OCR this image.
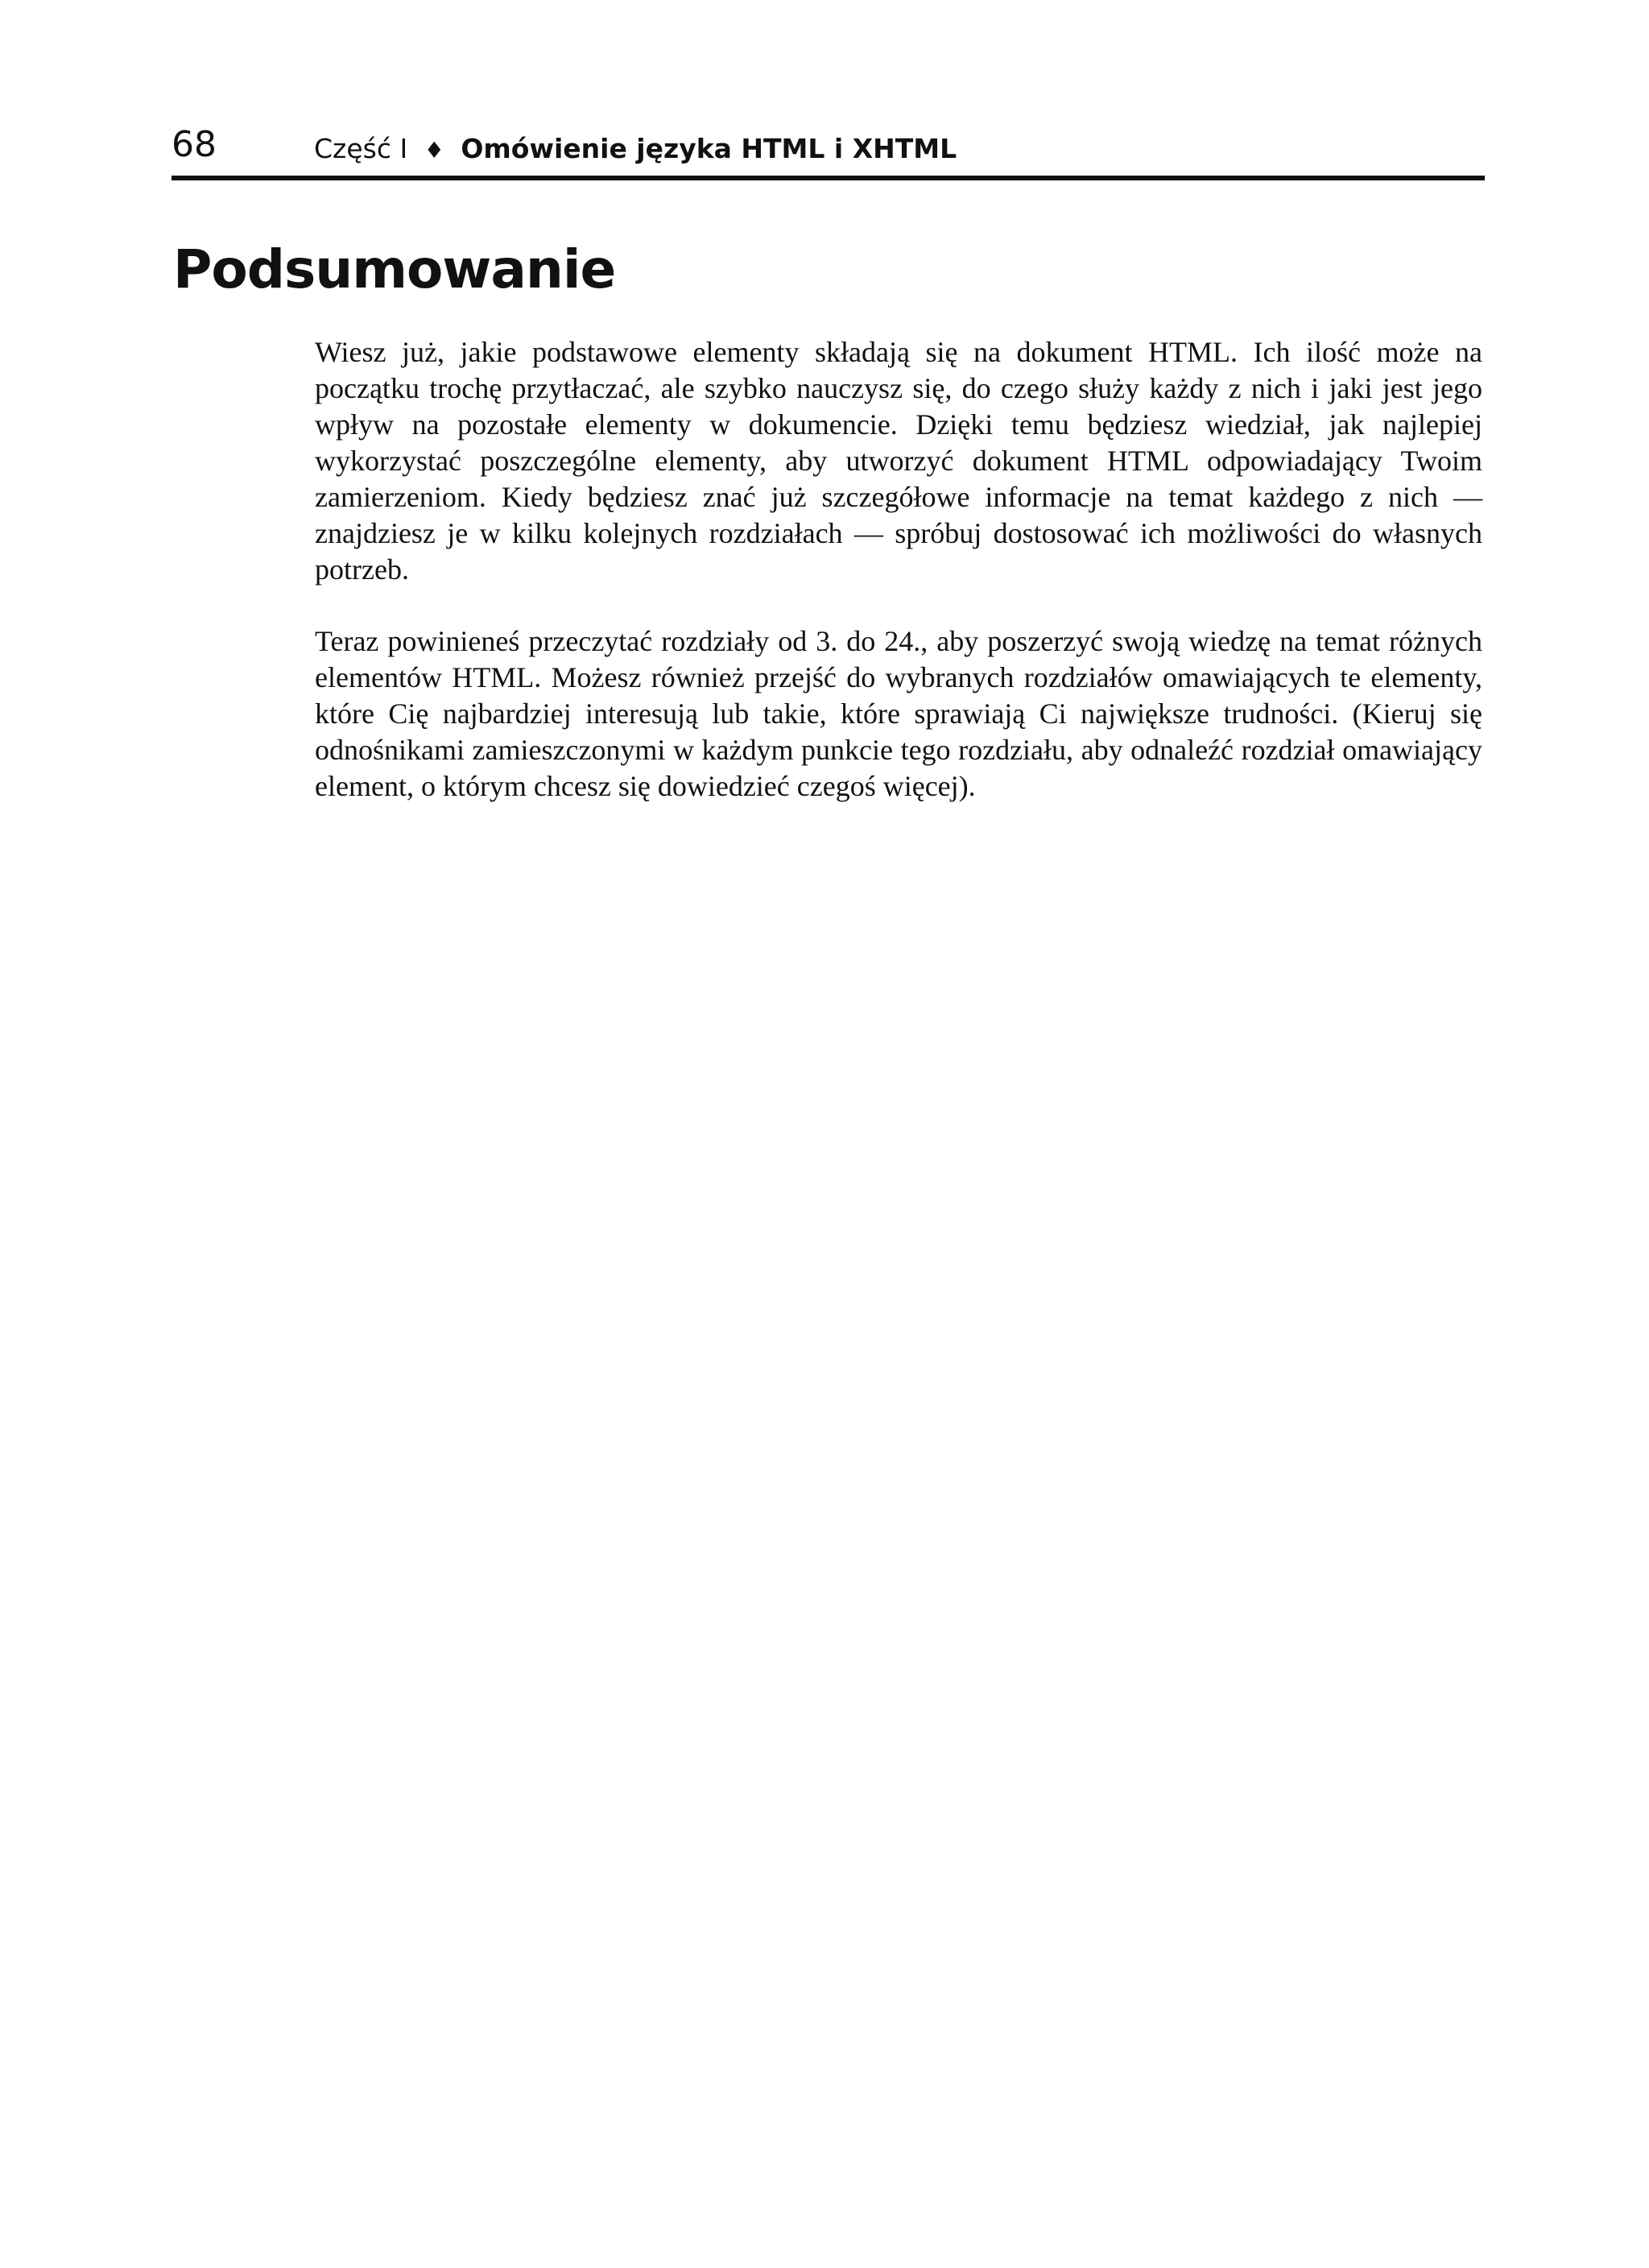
68	Część I ♦ Omówienie języka HTML i XHTML
Podsumowanie

Wiesz już, jakie podstawowe elementy składają się na dokument HTML. Ich ilość może na początku trochę przytłaczać, ale szybko nauczysz się, do czego służy każdy z nich i jaki jest jego wpływ na pozostałe elementy w dokumencie. Dzięki temu będziesz wiedział, jak najlepiej wykorzystać poszczególne elementy, aby utworzyć dokument HTML odpowiadający Twoim zamierzeniom. Kiedy będziesz znać już szczegółowe informacje na temat każdego z nich — znajdziesz je w kilku kolejnych rozdziałach — spróbuj dostosować ich możliwości do własnych potrzeb.

Teraz powinieneś przeczytać rozdziały od 3. do 24., aby poszerzyć swoją wiedzę na temat różnych elementów HTML. Możesz również przejść do wybranych rozdziałów omawiających te elementy, które Cię najbardziej interesują lub takie, które sprawiają Ci największe trudności. (Kieruj się odnośnikami zamieszczonymi w każdym punkcie tego rozdziału, aby odnaleźć rozdział omawiający element, o którym chcesz się dowiedzieć czegoś więcej).
